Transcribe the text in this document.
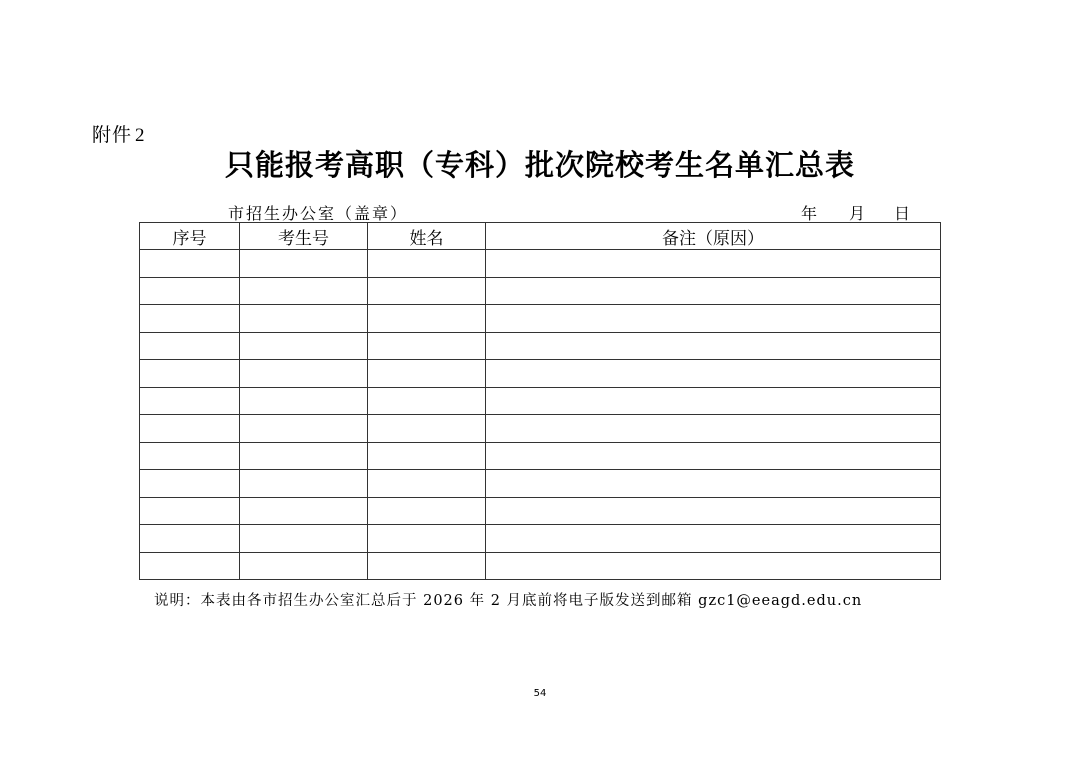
附件 2
只能报考高职（专科）批次院校考生名单汇总表
市招生办公室（盖章）	年 月 日
序号	考生号	姓名	备注（原因）

说明：本表由各市招生办公室汇总后于 2026 年 2 月底前将电子版发送到邮箱 gzc1@eeagd.edu.cn
54
